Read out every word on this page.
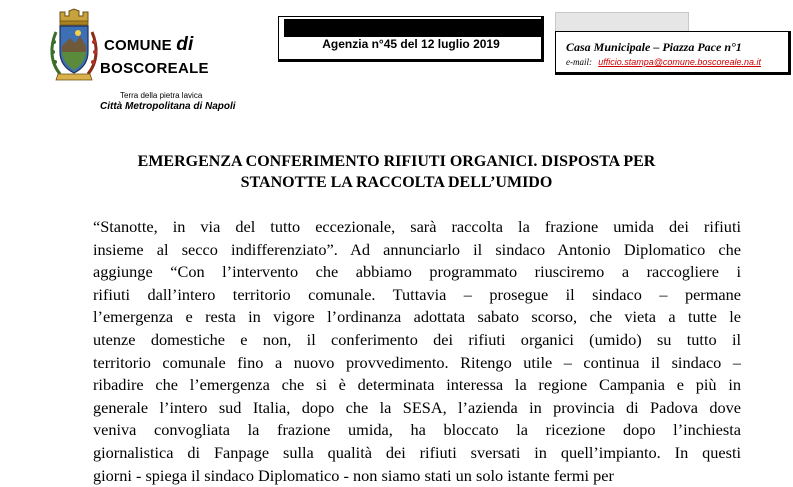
COMUNE di
BOSCOREALE
Terra della pietra lavica
Città Metropolitana di Napoli
Agenzia n°45 del 12 luglio 2019	Casa Municipale – Piazza Pace n°1
e-mail: ufficio.stampa@comune.boscoreale.na.it
EMERGENZA CONFERIMENTO RIFIUTI ORGANICI. DISPOSTA PER
STANOTTE LA RACCOLTA DELL’UMIDO
“Stanotte, in via del tutto eccezionale, sarà raccolta la frazione umida dei rifiuti
insieme al secco indifferenziato”. Ad annunciarlo il sindaco Antonio Diplomatico che
aggiunge “Con l’intervento che abbiamo programmato riusciremo a raccogliere i
rifiuti dall’intero territorio comunale. Tuttavia – prosegue il sindaco – permane
l’emergenza e resta in vigore l’ordinanza adottata sabato scorso, che vieta a tutte le
utenze domestiche e non, il conferimento dei rifiuti organici (umido) su tutto il
territorio comunale fino a nuovo provvedimento. Ritengo utile – continua il sindaco –
ribadire che l’emergenza che si è determinata interessa la regione Campania e più in
generale l’intero sud Italia, dopo che la SESA, l’azienda in provincia di Padova dove
veniva convogliata la frazione umida, ha bloccato la ricezione dopo l’inchiesta
giornalistica di Fanpage sulla qualità dei rifiuti sversati in quell’impianto. In questi
giorni - spiega il sindaco Diplomatico - non siamo stati un solo istante fermi per
